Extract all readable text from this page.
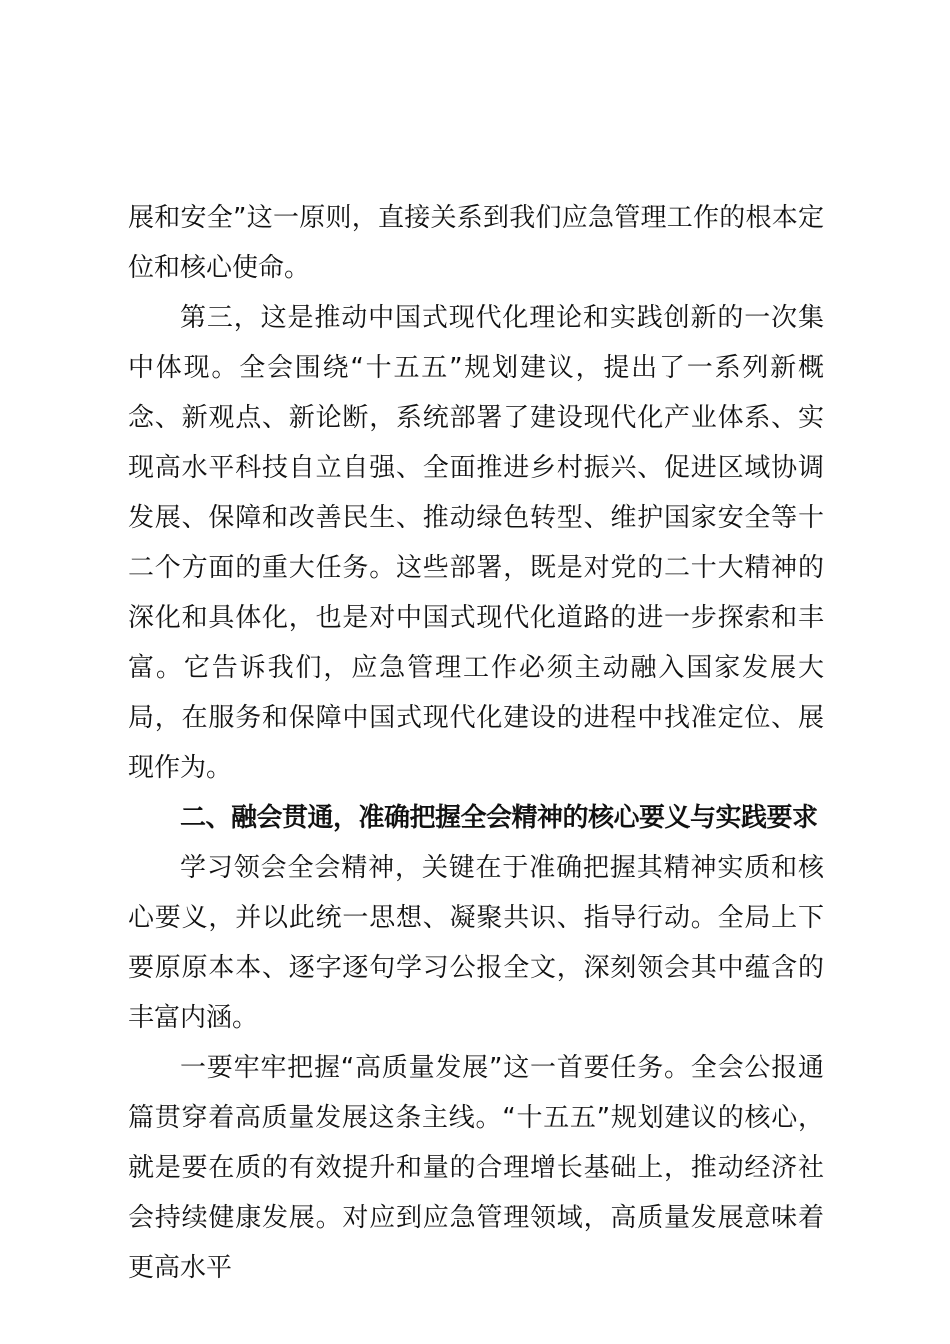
展和安全”这一原则，直接关系到我们应急管理工作的根本定位和核心使命。

第三，这是推动中国式现代化理论和实践创新的一次集中体现。全会围绕“十五五”规划建议，提出了一系列新概念、新观点、新论断，系统部署了建设现代化产业体系、实现高水平科技自立自强、全面推进乡村振兴、促进区域协调发展、保障和改善民生、推动绿色转型、维护国家安全等十二个方面的重大任务。这些部署，既是对党的二十大精神的深化和具体化，也是对中国式现代化道路的进一步探索和丰富。它告诉我们，应急管理工作必须主动融入国家发展大局，在服务和保障中国式现代化建设的进程中找准定位、展现作为。

二、融会贯通，准确把握全会精神的核心要义与实践要求

学习领会全会精神，关键在于准确把握其精神实质和核心要义，并以此统一思想、凝聚共识、指导行动。全局上下要原原本本、逐字逐句学习公报全文，深刻领会其中蕴含的丰富内涵。

一要牢牢把握“高质量发展”这一首要任务。全会公报通篇贯穿着高质量发展这条主线。“十五五”规划建议的核心，就是要在质的有效提升和量的合理增长基础上，推动经济社会持续健康发展。对应到应急管理领域，高质量发展意味着更高水平
